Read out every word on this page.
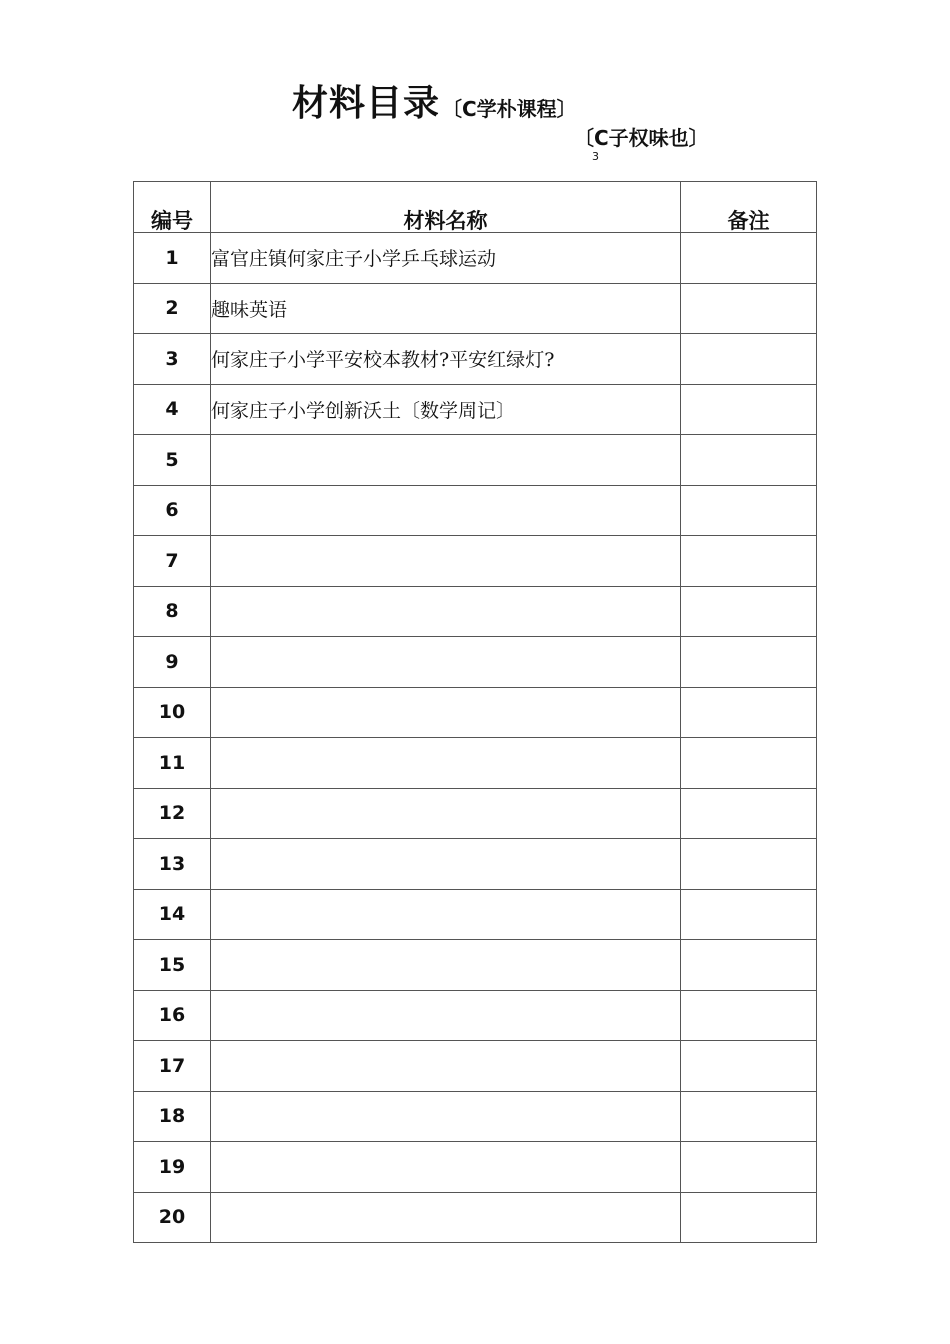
材料目录 〔C学朴课程〕
〔C子权味也〕
3
编号	材料名称	备注
1	富官庄镇何家庄子小学乒乓球运动	
2	趣味英语	
3	何家庄子小学平安校本教材?平安红绿灯?	
4	何家庄子小学创新沃土〔数学周记〕	
5		
6		
7		
8		
9		
10		
11		
12		
13		
14		
15		
16		
17		
18		
19		
20		
